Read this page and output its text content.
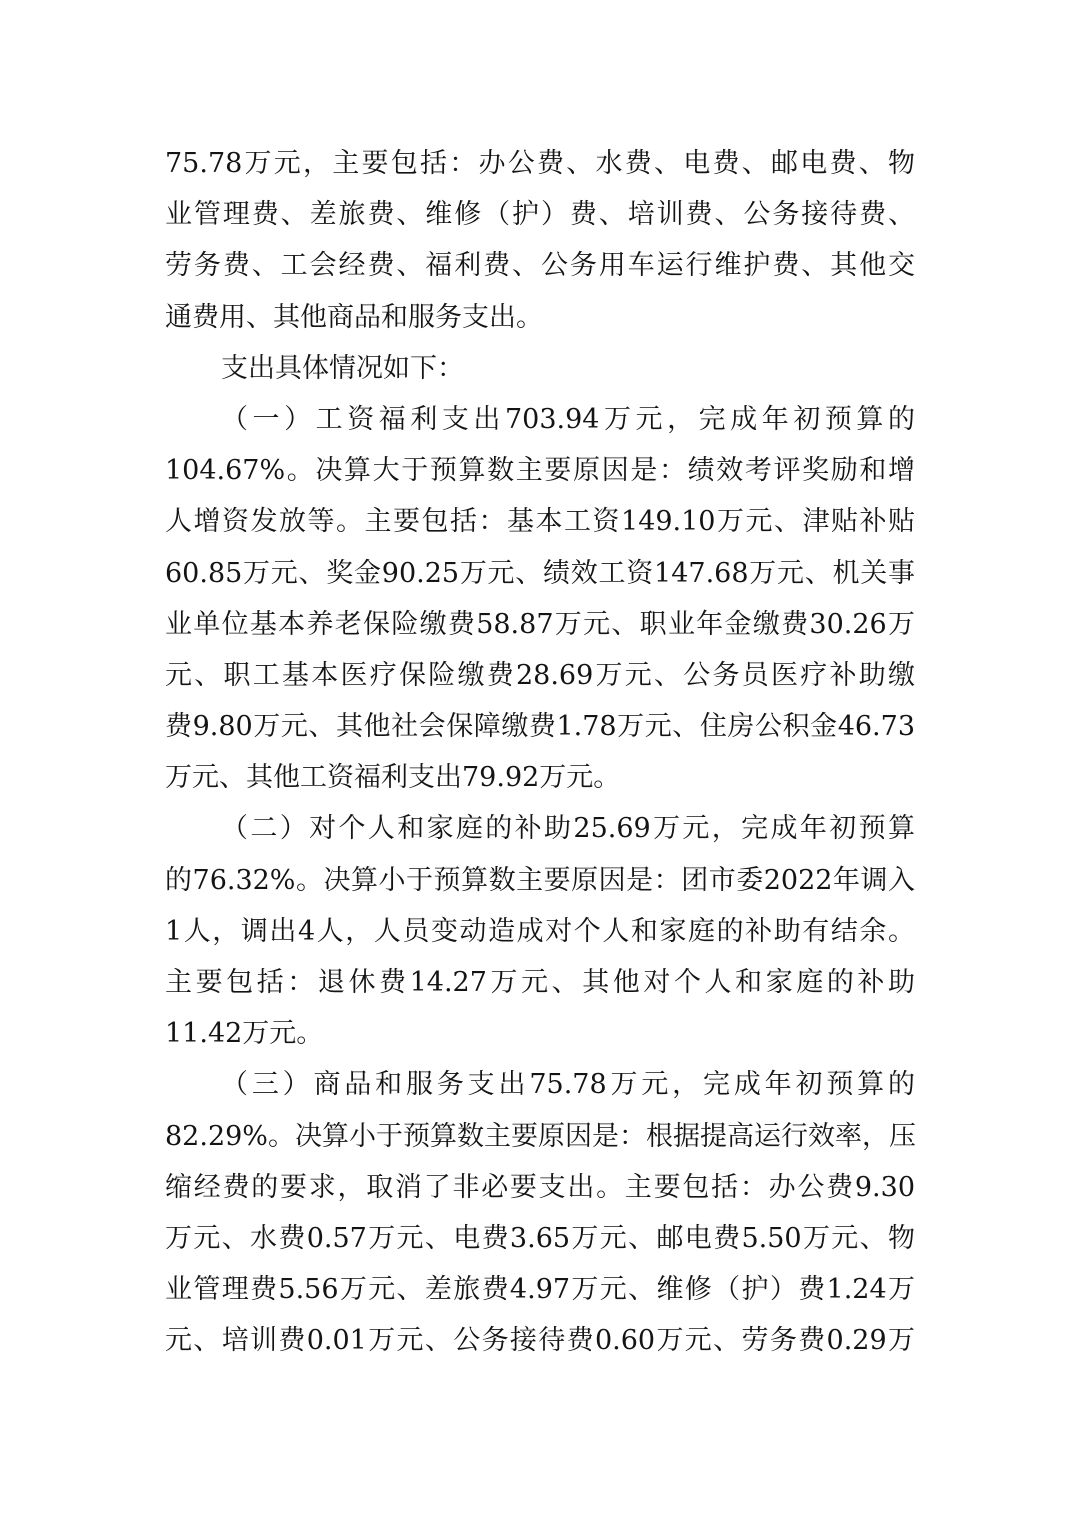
75.78万元，主要包括：办公费、水费、电费、邮电费、物
业管理费、差旅费、维修（护）费、培训费、公务接待费、
劳务费、工会经费、福利费、公务用车运行维护费、其他交
通费用、其他商品和服务支出。
支出具体情况如下：
（一）工资福利支出703.94万元，完成年初预算的
104.67%。决算大于预算数主要原因是：绩效考评奖励和增
人增资发放等。主要包括：基本工资149.10万元、津贴补贴
60.85万元、奖金90.25万元、绩效工资147.68万元、机关事
业单位基本养老保险缴费58.87万元、职业年金缴费30.26万
元、职工基本医疗保险缴费28.69万元、公务员医疗补助缴
费9.80万元、其他社会保障缴费1.78万元、住房公积金46.73
万元、其他工资福利支出79.92万元。
（二）对个人和家庭的补助25.69万元，完成年初预算
的76.32%。决算小于预算数主要原因是：团市委2022年调入
1人，调出4人，人员变动造成对个人和家庭的补助有结余。
主要包括：退休费14.27万元、其他对个人和家庭的补助
11.42万元。
（三）商品和服务支出75.78万元，完成年初预算的
82.29%。决算小于预算数主要原因是：根据提高运行效率，压
缩经费的要求，取消了非必要支出。主要包括：办公费9.30
万元、水费0.57万元、电费3.65万元、邮电费5.50万元、物
业管理费5.56万元、差旅费4.97万元、维修（护）费1.24万
元、培训费0.01万元、公务接待费0.60万元、劳务费0.29万
